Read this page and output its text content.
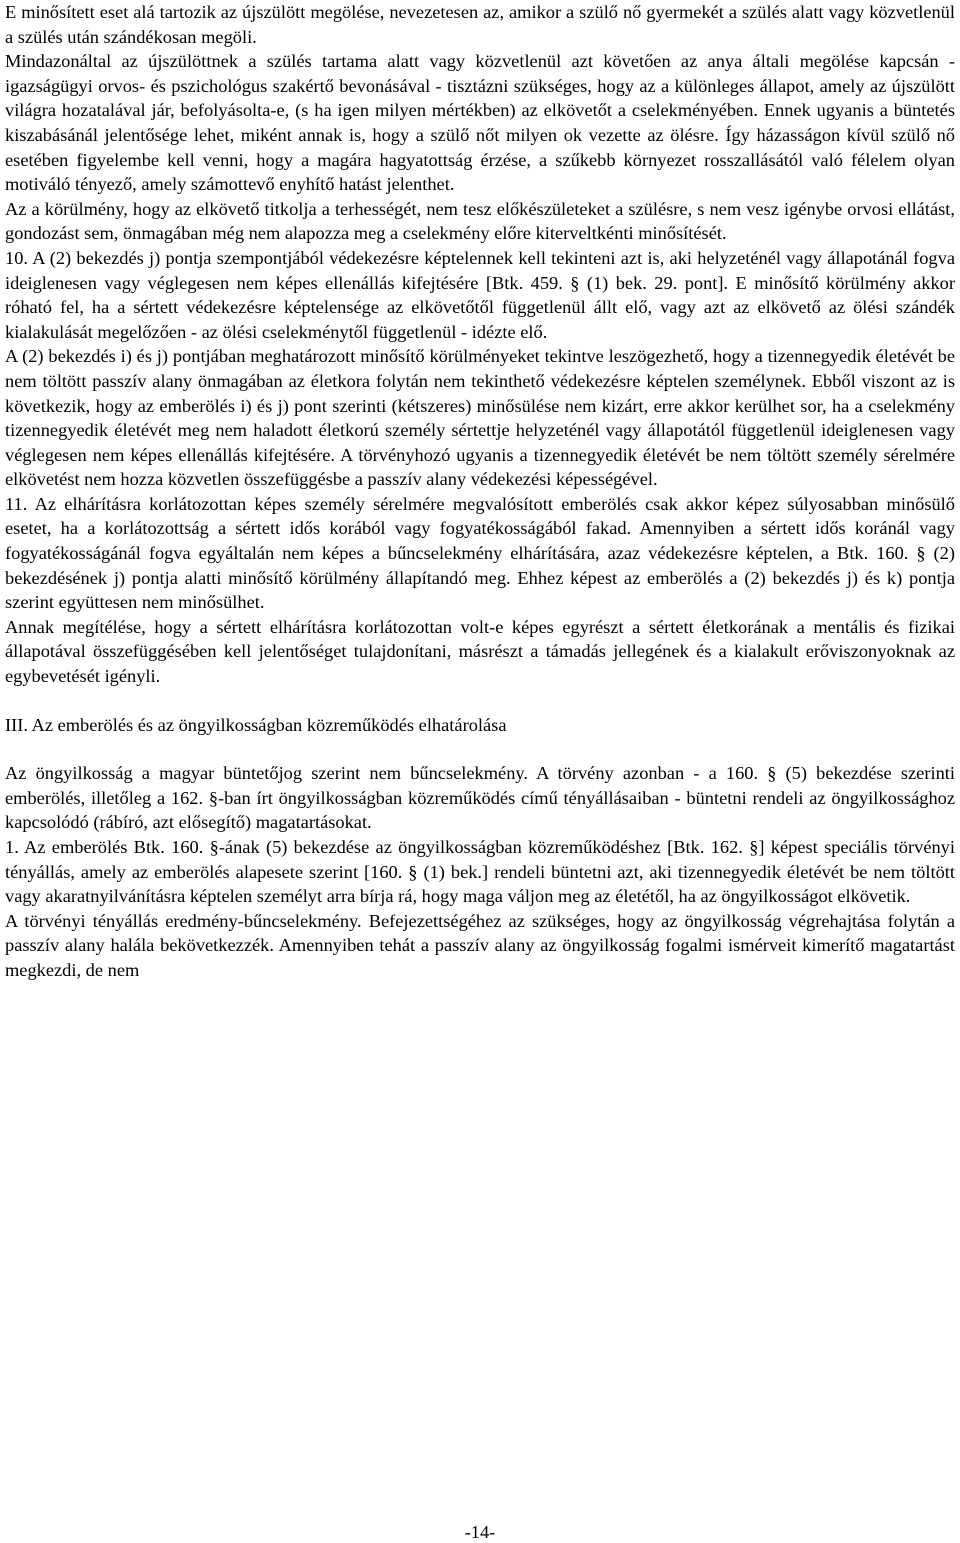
E minősített eset alá tartozik az újszülött megölése, nevezetesen az, amikor a szülő nő gyermekét a szülés alatt vagy közvetlenül a szülés után szándékosan megöli.

Mindazonáltal az újszülöttnek a szülés tartama alatt vagy közvetlenül azt követően az anya általi megölése kapcsán - igazságügyi orvos- és pszichológus szakértő bevonásával - tisztázni szükséges, hogy az a különleges állapot, amely az újszülött világra hozatalával jár, befolyásolta-e, (s ha igen milyen mértékben) az elkövetőt a cselekményében. Ennek ugyanis a büntetés kiszabásánál jelentősége lehet, miként annak is, hogy a szülő nőt milyen ok vezette az ölésre. Így házasságon kívül szülő nő esetében figyelembe kell venni, hogy a magára hagyatottság érzése, a szűkebb környezet rosszallásától való félelem olyan motiváló tényező, amely számottevő enyhítő hatást jelenthet.

Az a körülmény, hogy az elkövető titkolja a terhességét, nem tesz előkészületeket a szülésre, s nem vesz igénybe orvosi ellátást, gondozást sem, önmagában még nem alapozza meg a cselekmény előre kiterveltkénti minősítését.

10. A (2) bekezdés j) pontja szempontjából védekezésre képtelennek kell tekinteni azt is, aki helyzeténél vagy állapotánál fogva ideiglenesen vagy véglegesen nem képes ellenállás kifejtésére [Btk. 459. § (1) bek. 29. pont]. E minősítő körülmény akkor róható fel, ha a sértett védekezésre képtelensége az elkövetőtől függetlenül állt elő, vagy azt az elkövető az ölési szándék kialakulását megelőzően - az ölési cselekménytől függetlenül - idézte elő.

A (2) bekezdés i) és j) pontjában meghatározott minősítő körülményeket tekintve leszögezhető, hogy a tizennegyedik életévét be nem töltött passzív alany önmagában az életkora folytán nem tekinthető védekezésre képtelen személynek. Ebből viszont az is következik, hogy az emberölés i) és j) pont szerinti (kétszeres) minősülése nem kizárt, erre akkor kerülhet sor, ha a cselekmény tizennegyedik életévét meg nem haladott életkorú személy sértettje helyzeténél vagy állapotától függetlenül ideiglenesen vagy véglegesen nem képes ellenállás kifejtésére. A törvényhozó ugyanis a tizennegyedik életévét be nem töltött személy sérelmére elkövetést nem hozza közvetlen összefüggésbe a passzív alany védekezési képességével.

11. Az elhárításra korlátozottan képes személy sérelmére megvalósított emberölés csak akkor képez súlyosabban minősülő esetet, ha a korlátozottság a sértett idős korából vagy fogyatékosságából fakad. Amennyiben a sértett idős koránál vagy fogyatékosságánál fogva egyáltalán nem képes a bűncselekmény elhárítására, azaz védekezésre képtelen, a Btk. 160. § (2) bekezdésének j) pontja alatti minősítő körülmény állapítandó meg. Ehhez képest az emberölés a (2) bekezdés j) és k) pontja szerint együttesen nem minősülhet.

Annak megítélése, hogy a sértett elhárításra korlátozottan volt-e képes egyrészt a sértett életkorának a mentális és fizikai állapotával összefüggésében kell jelentőséget tulajdonítani, másrészt a támadás jellegének és a kialakult erőviszonyoknak az egybevetését igényli.

III. Az emberölés és az öngyilkosságban közreműködés elhatárolása

Az öngyilkosság a magyar büntetőjog szerint nem bűncselekmény. A törvény azonban - a 160. § (5) bekezdése szerinti emberölés, illetőleg a 162. §-ban írt öngyilkosságban közreműködés című tényállásaiban - büntetni rendeli az öngyilkossághoz kapcsolódó (rábíró, azt elősegítő) magatartásokat.

1. Az emberölés Btk. 160. §-ának (5) bekezdése az öngyilkosságban közreműködéshez [Btk. 162. §] képest speciális törvényi tényállás, amely az emberölés alapesete szerint [160. § (1) bek.] rendeli büntetni azt, aki tizennegyedik életévét be nem töltött vagy akaratnyilvánításra képtelen személyt arra bírja rá, hogy maga váljon meg az életétől, ha az öngyilkosságot elkövetik.

A törvényi tényállás eredmény-bűncselekmény. Befejezettségéhez az szükséges, hogy az öngyilkosság végrehajtása folytán a passzív alany halála bekövetkezzék. Amennyiben tehát a passzív alany az öngyilkosság fogalmi ismérveit kimerítő magatartást megkezdi, de nem

-14-
